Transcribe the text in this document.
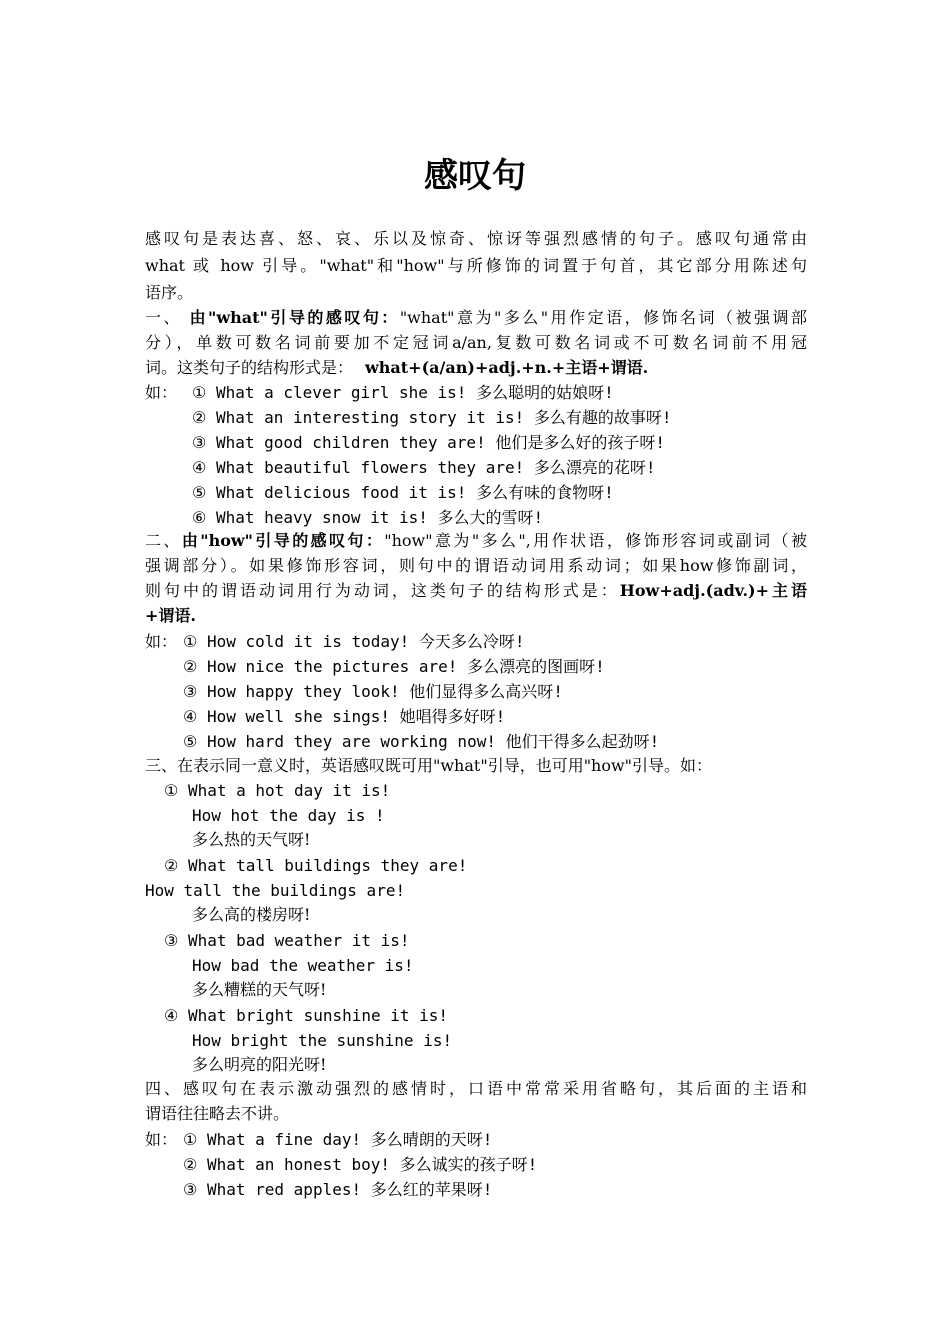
感叹句
感叹句是表达喜、怒、哀、乐以及惊奇、惊讶等强烈感情的句子。感叹句通常由
what 或 how 引导。"what"和"how"与所修饰的词置于句首，其它部分用陈述句
语序。
一、 由"what"引导的感叹句："what"意为"多么"用作定语，修饰名词（被强调部
分），单数可数名词前要加不定冠词a/an,复数可数名词或不可数名词前不用冠
词。这类句子的结构形式是： what+(a/an)+adj.+n.+主语+谓语.
如： ① What a clever girl she is! 多么聪明的姑娘呀!
② What an interesting story it is! 多么有趣的故事呀!
③ What good children they are! 他们是多么好的孩子呀!
④ What beautiful flowers they are! 多么漂亮的花呀!
⑤ What delicious food it is! 多么有味的食物呀!
⑥ What heavy snow it is! 多么大的雪呀!
二、由"how"引导的感叹句："how"意为"多么",用作状语，修饰形容词或副词（被
强调部分）。如果修饰形容词，则句中的谓语动词用系动词；如果how修饰副词，
则句中的谓语动词用行为动词，这类句子的结构形式是：How+adj.(adv.)+主语
+谓语.
如： ① How cold it is today! 今天多么冷呀!
② How nice the pictures are! 多么漂亮的图画呀!
③ How happy they look! 他们显得多么高兴呀!
④ How well she sings! 她唱得多好呀!
⑤ How hard they are working now! 他们干得多么起劲呀!
三、在表示同一意义时，英语感叹既可用"what"引导，也可用"how"引导。如：
① What a hot day it is!
How hot the day is !
多么热的天气呀!
② What tall buildings they are!
How tall the buildings are!
多么高的楼房呀!
③ What bad weather it is!
How bad the weather is!
多么糟糕的天气呀!
④ What bright sunshine it is!
How bright the sunshine is!
多么明亮的阳光呀!
四、感叹句在表示激动强烈的感情时，口语中常常采用省略句，其后面的主语和
谓语往往略去不讲。
如： ① What a fine day! 多么晴朗的天呀!
② What an honest boy! 多么诚实的孩子呀!
③ What red apples! 多么红的苹果呀!
